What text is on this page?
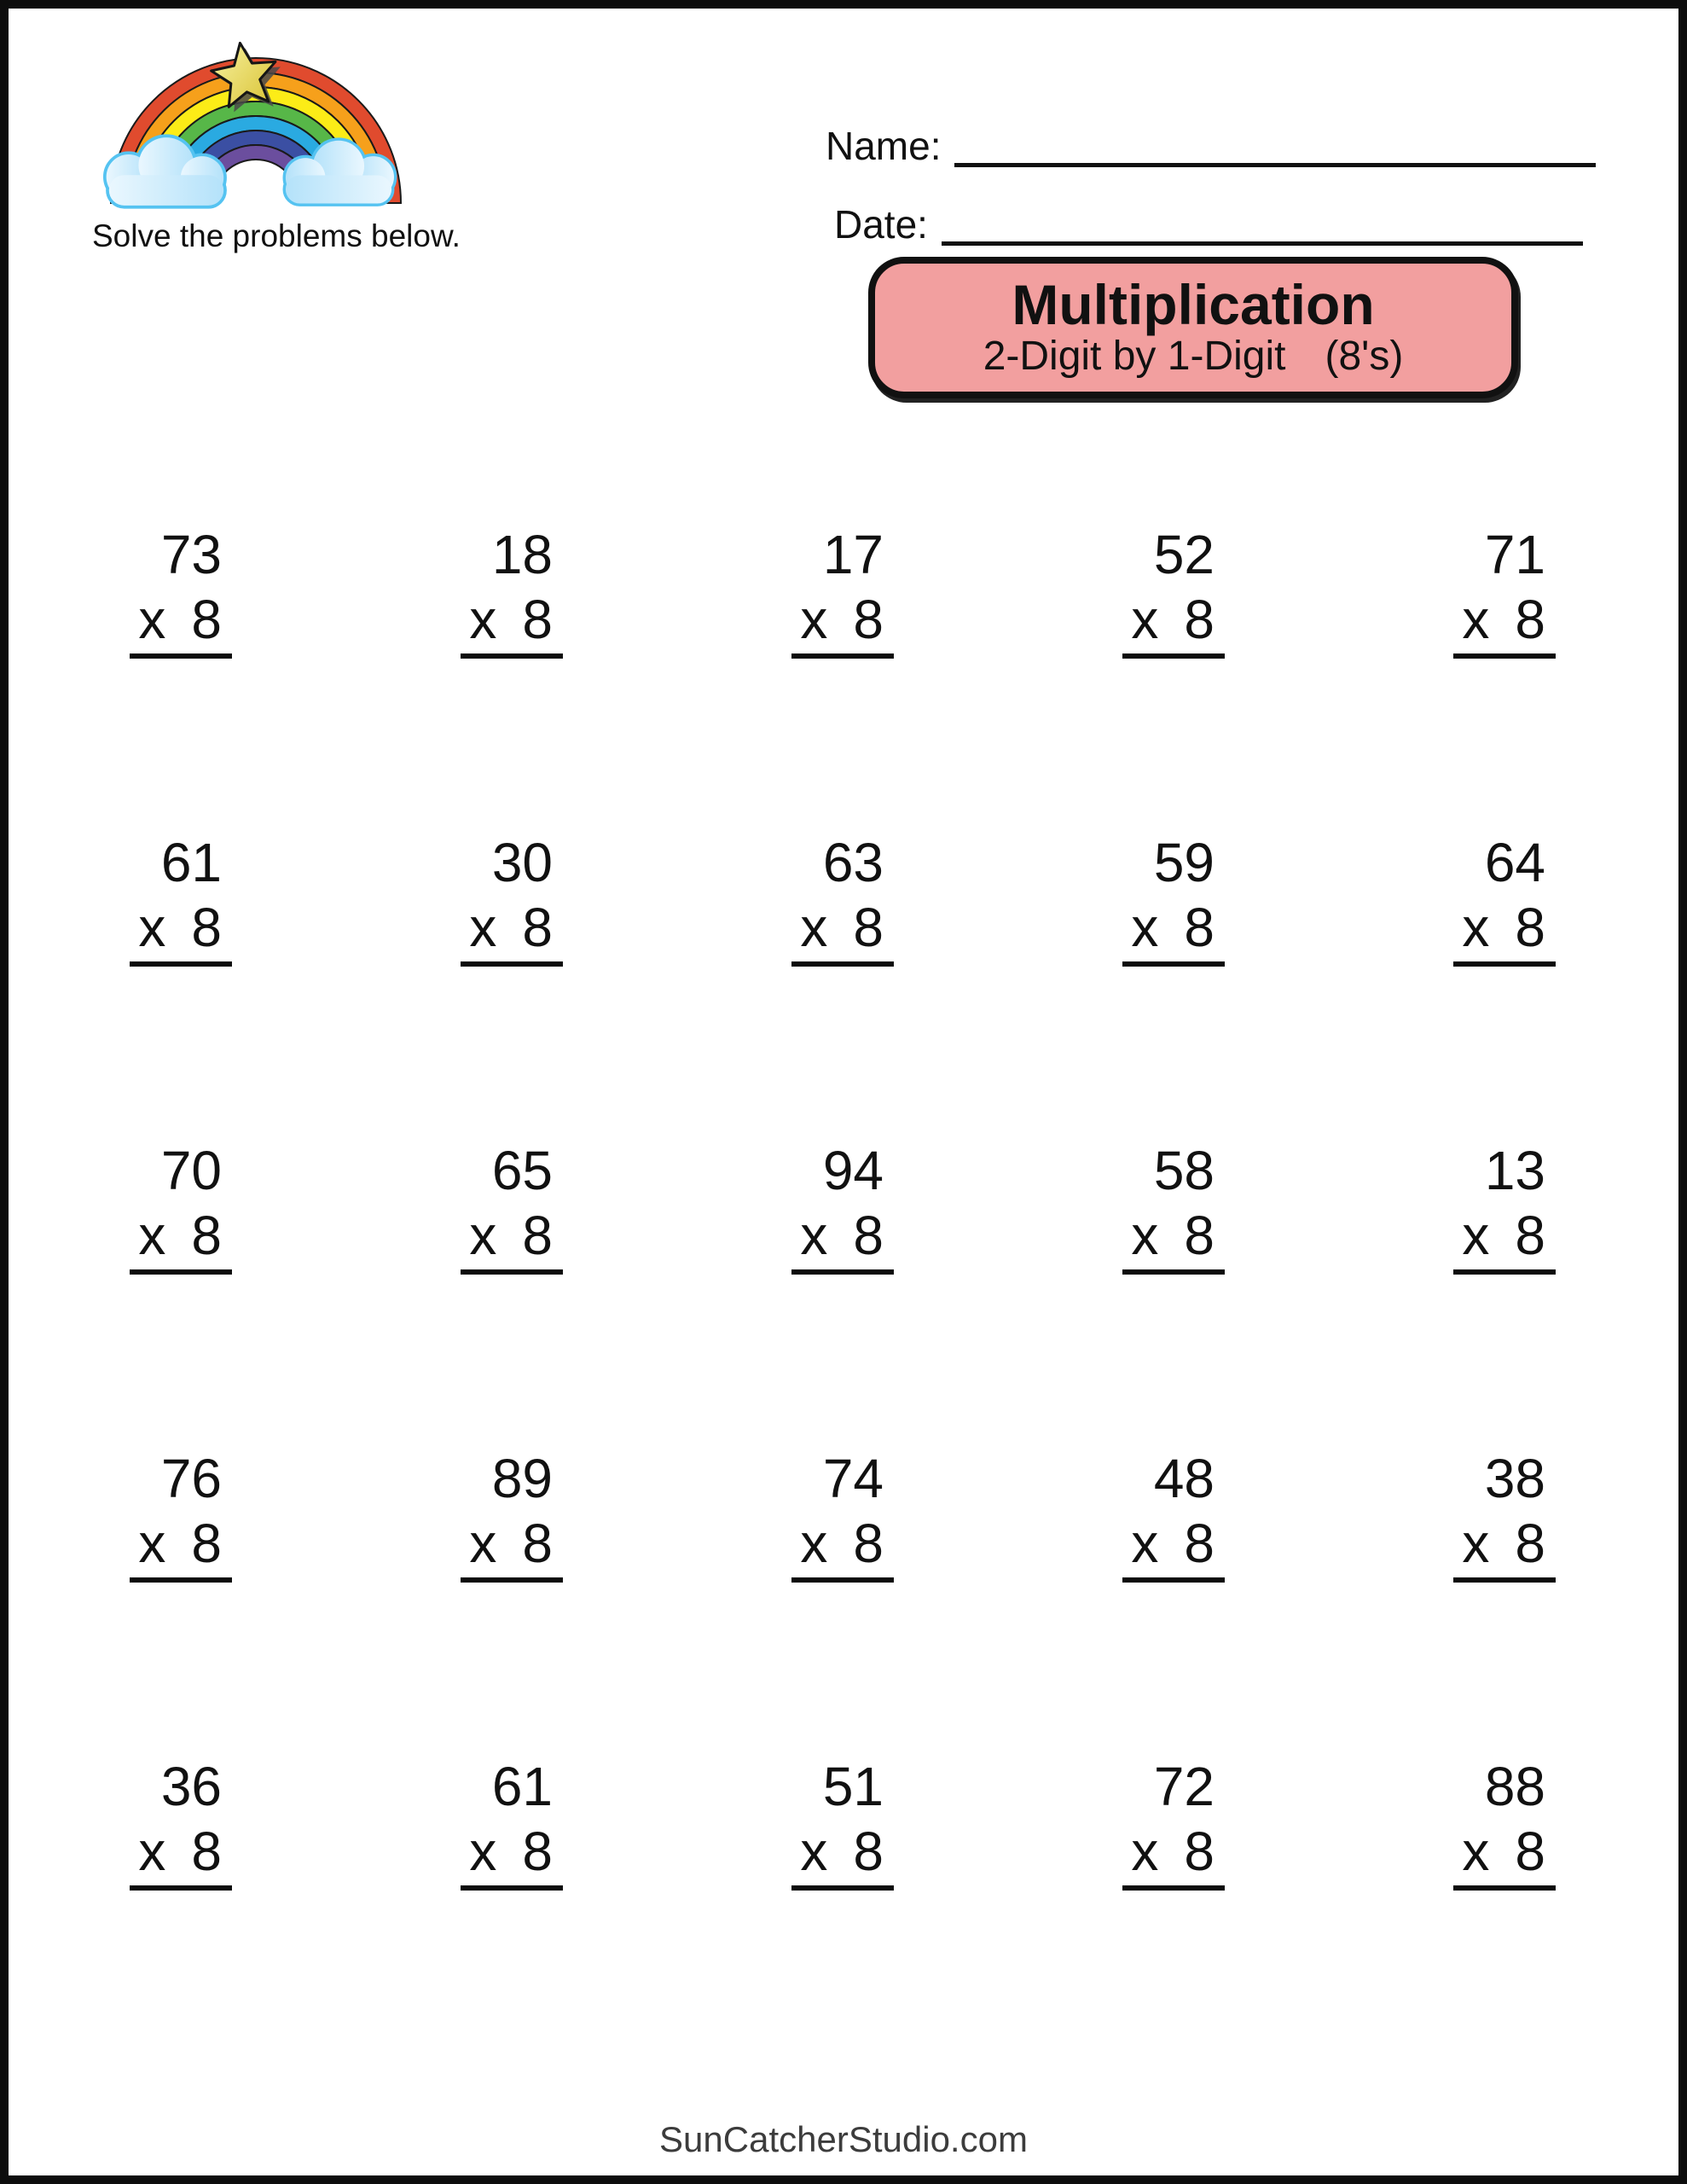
Solve the problems below.
Name:
Date:
Multiplication
2-Digit by 1-Digit (8's)
73
x 8
18
x 8
17
x 8
52
x 8
71
x 8
61
x 8
30
x 8
63
x 8
59
x 8
64
x 8
70
x 8
65
x 8
94
x 8
58
x 8
13
x 8
76
x 8
89
x 8
74
x 8
48
x 8
38
x 8
36
x 8
61
x 8
51
x 8
72
x 8
88
x 8
SunCatcherStudio.com
